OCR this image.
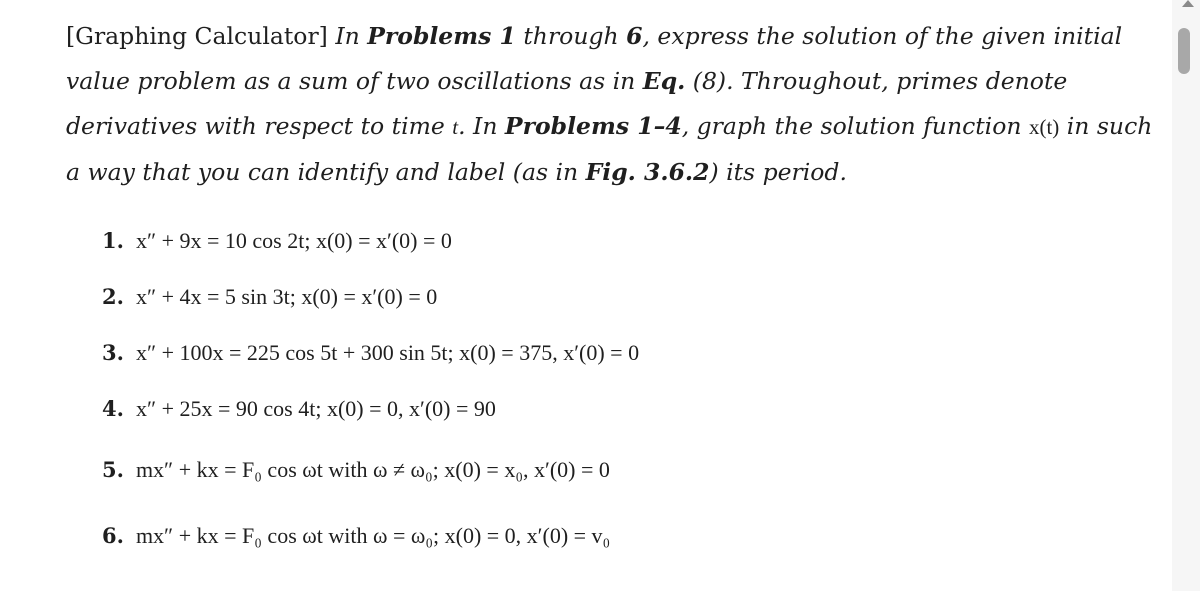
[Graphing Calculator] In Problems 1 through 6, express the solution of the given initial value problem as a sum of two oscillations as in Eq. (8). Throughout, primes denote derivatives with respect to time t. In Problems 1–4, graph the solution function x(t) in such a way that you can identify and label (as in Fig. 3.6.2) its period.

1. x″ + 9x = 10 cos 2t; x(0) = x′(0) = 0
2. x″ + 4x = 5 sin 3t; x(0) = x′(0) = 0
3. x″ + 100x = 225 cos 5t + 300 sin 5t; x(0) = 375, x′(0) = 0
4. x″ + 25x = 90 cos 4t; x(0) = 0, x′(0) = 90
5. mx″ + kx = F₀ cos ωt with ω ≠ ω₀; x(0) = x₀, x′(0) = 0
6. mx″ + kx = F₀ cos ωt with ω = ω₀; x(0) = 0, x′(0) = v₀
